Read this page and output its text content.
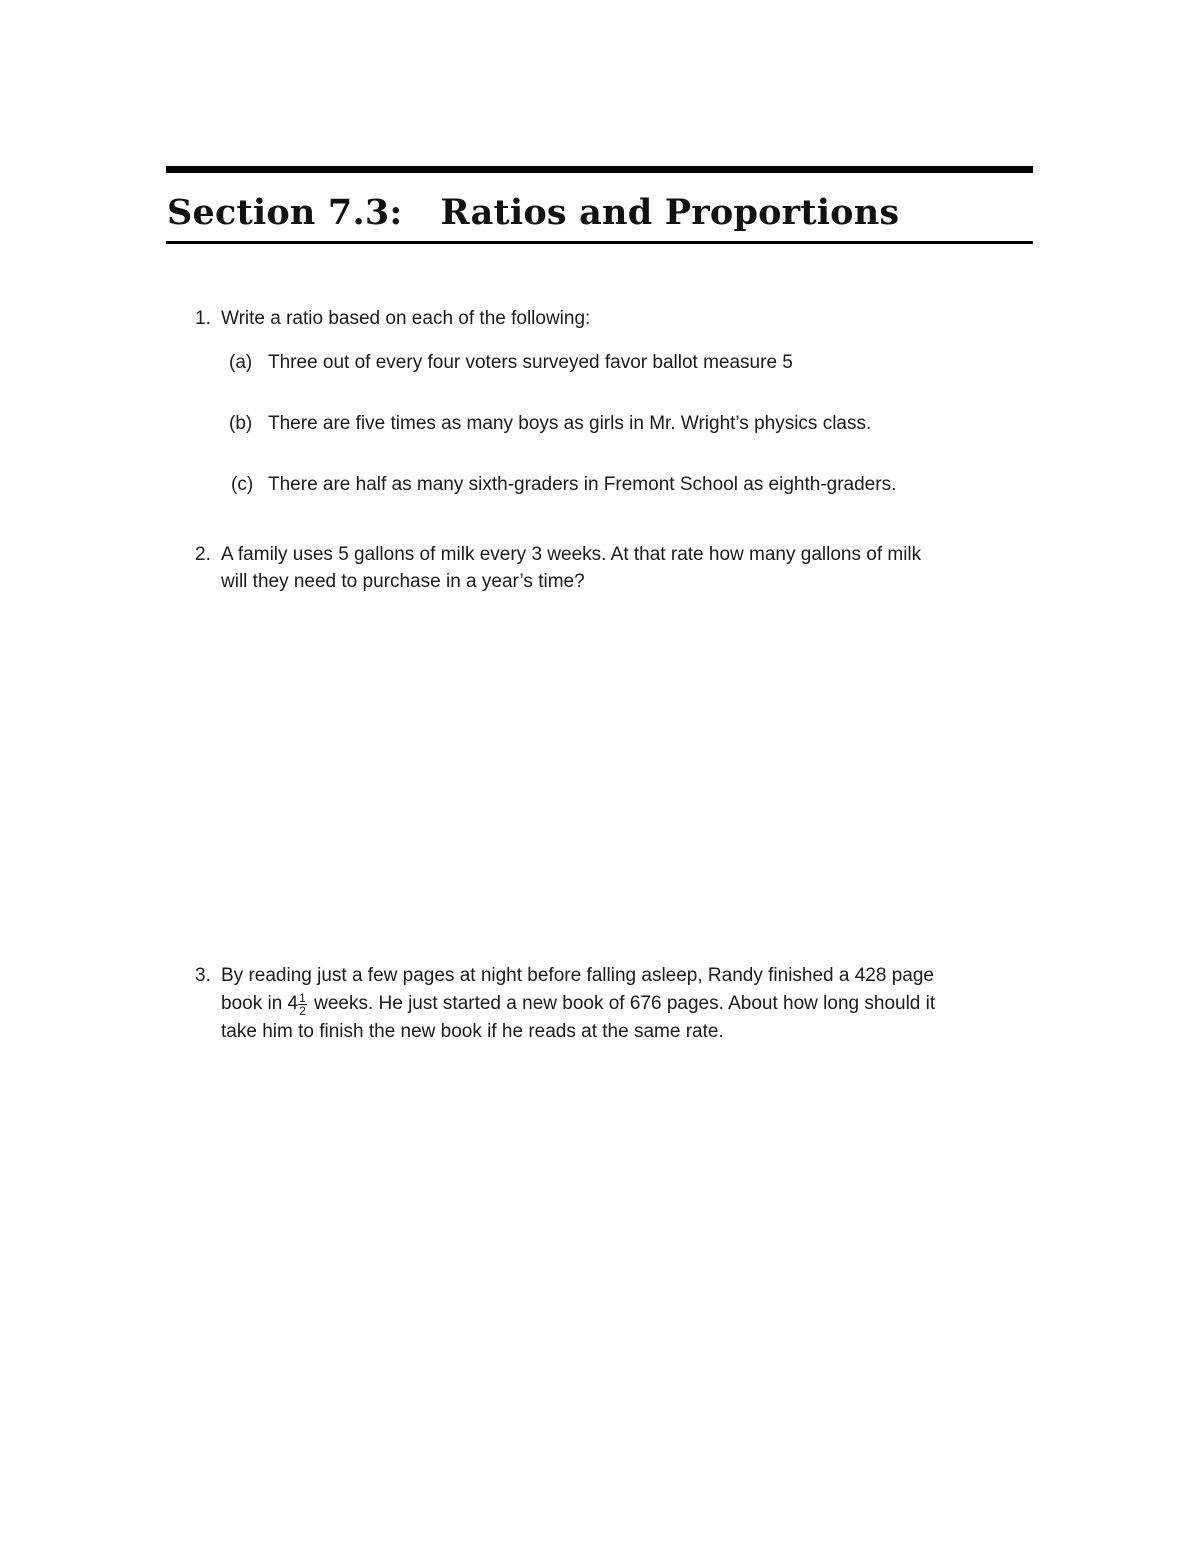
Section 7.3: Ratios and Proportions
1. Write a ratio based on each of the following:
(a) Three out of every four voters surveyed favor ballot measure 5
(b) There are five times as many boys as girls in Mr. Wright’s physics class.
(c) There are half as many sixth-graders in Fremont School as eighth-graders.
2. A family uses 5 gallons of milk every 3 weeks. At that rate how many gallons of milk
will they need to purchase in a year’s time?
3. By reading just a few pages at night before falling asleep, Randy finished a 428 page
book in $4 \frac{1}{2}$ weeks. He just started a new book of 676 pages. About how long should it
take him to finish the new book if he reads at the same rate.
